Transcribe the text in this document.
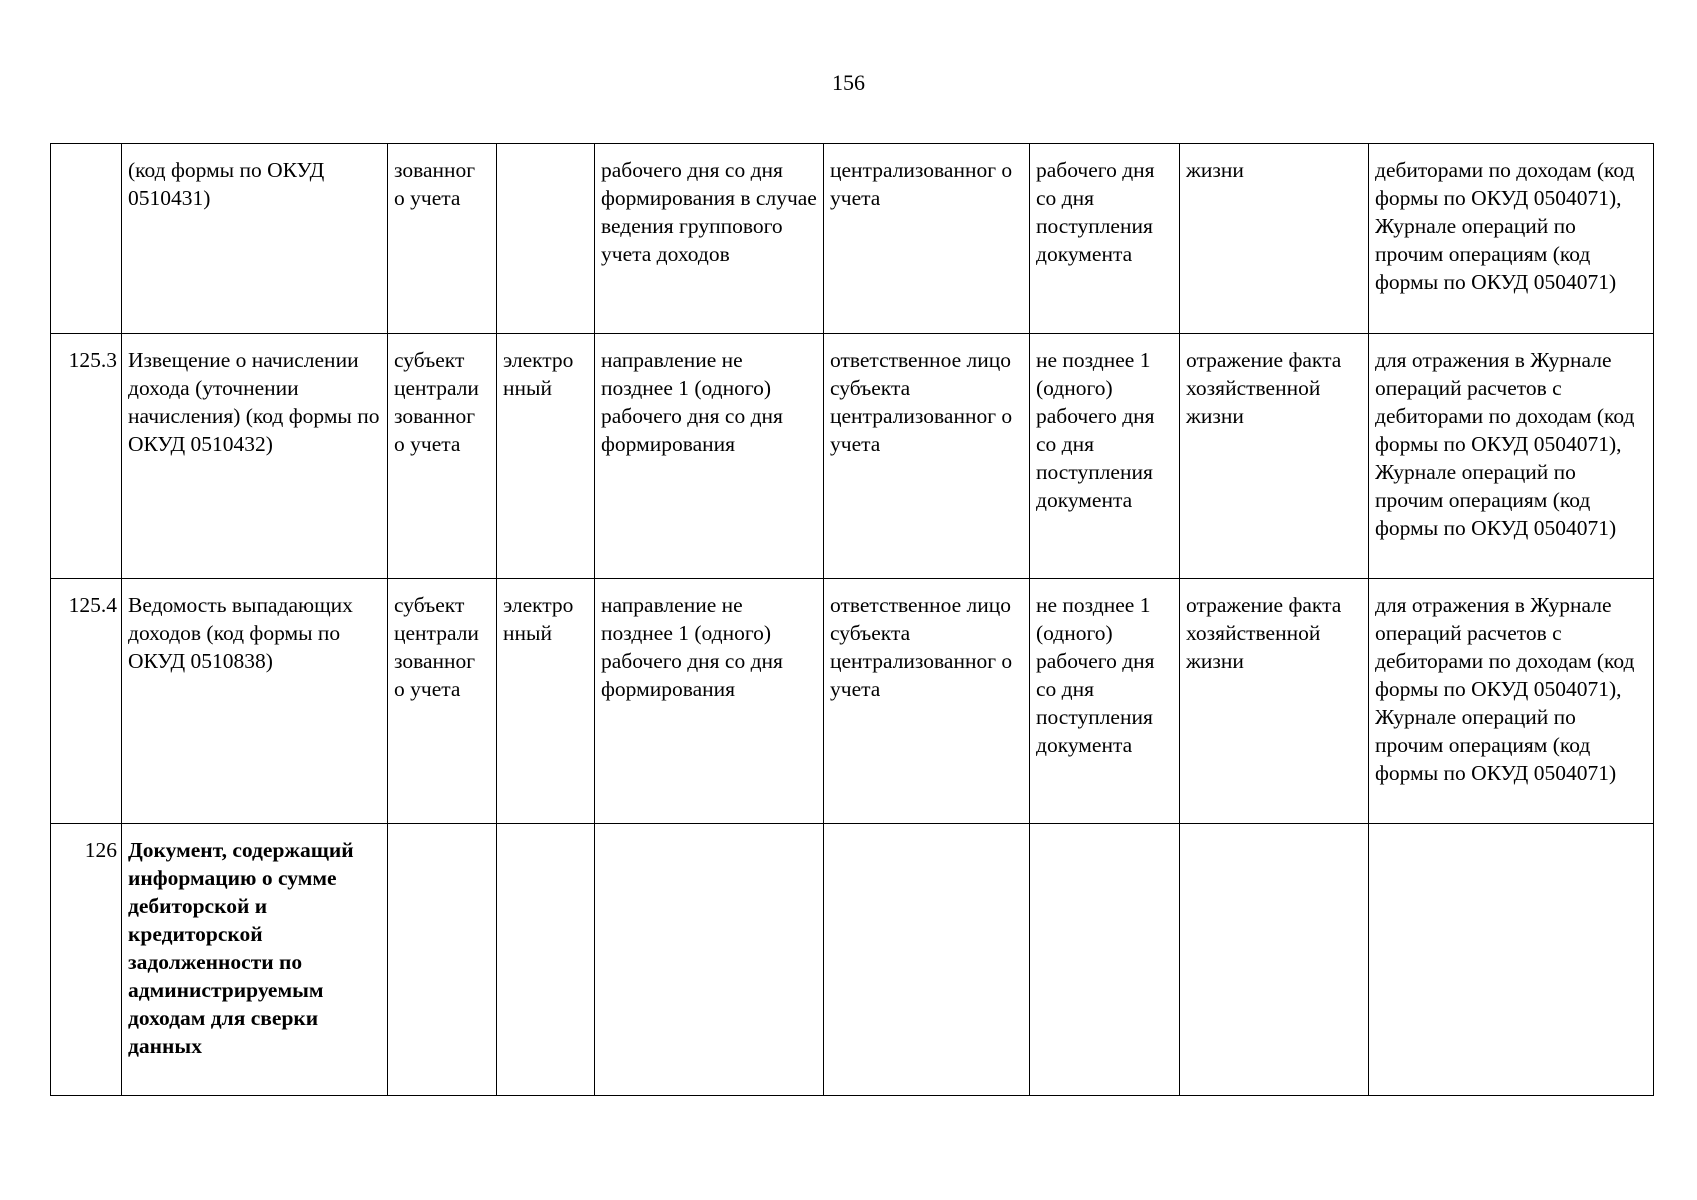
156
	(код формы по ОКУД 0510431)	зованног о учета		рабочего дня со дня формирования в случае ведения группового учета доходов	централизованног о учета	рабочего дня со дня поступления документа	жизни	дебиторами по доходам (код формы по ОКУД 0504071), Журнале операций по прочим операциям (код формы по ОКУД 0504071)
125.3	Извещение о начислении дохода (уточнении начисления) (код формы по ОКУД 0510432)	субъект централи зованног о учета	электро нный	направление не позднее 1 (одного) рабочего дня со дня формирования	ответственное лицо субъекта централизованног о учета	не позднее 1 (одного) рабочего дня со дня поступления документа	отражение факта хозяйственной жизни	для отражения в Журнале операций расчетов с дебиторами по доходам (код формы по ОКУД 0504071), Журнале операций по прочим операциям (код формы по ОКУД 0504071)
125.4	Ведомость выпадающих доходов (код формы по ОКУД 0510838)	субъект централи зованног о учета	электро нный	направление не позднее 1 (одного) рабочего дня со дня формирования	ответственное лицо субъекта централизованног о учета	не позднее 1 (одного) рабочего дня со дня поступления документа	отражение факта хозяйственной жизни	для отражения в Журнале операций расчетов с дебиторами по доходам (код формы по ОКУД 0504071), Журнале операций по прочим операциям (код формы по ОКУД 0504071)
126	Документ, содержащий информацию о сумме дебиторской и кредиторской задолженности по администрируемым доходам для сверки данных							
